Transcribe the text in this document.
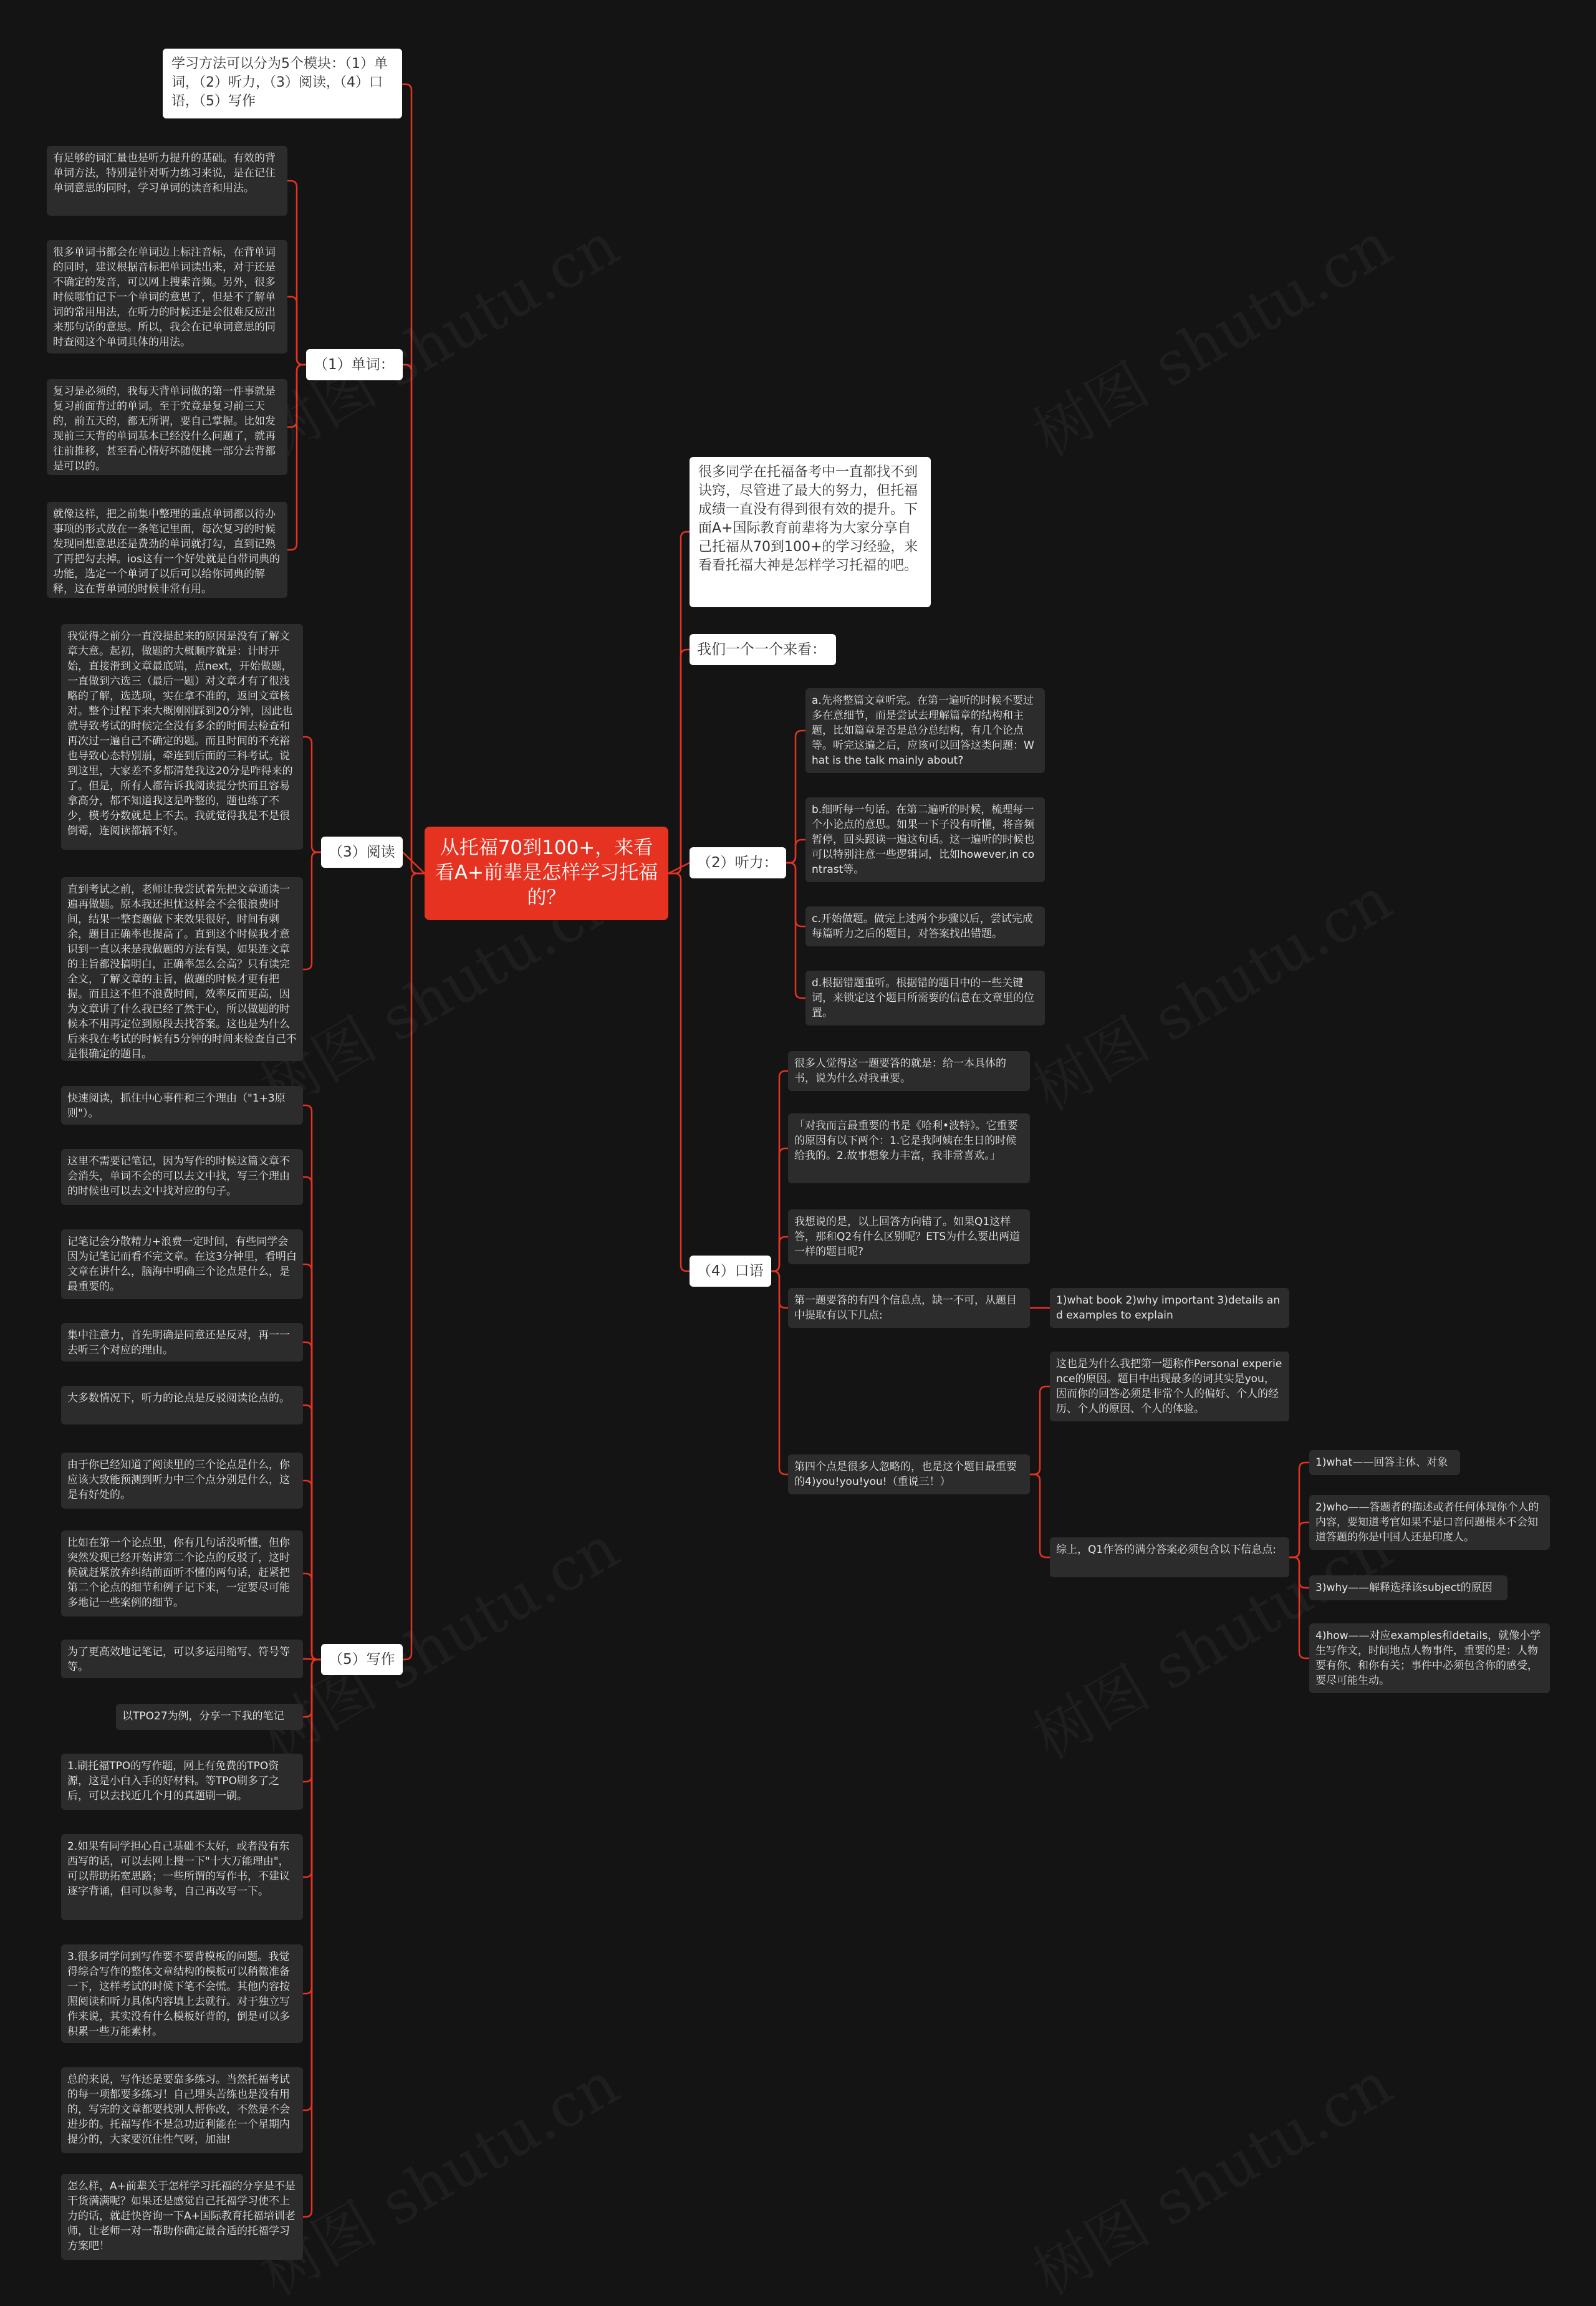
从托福70到100+，来看看A+前辈是怎样学习托福的？
学习方法可以分为5个模块：（1）单词，（2）听力，（3）阅读，（4）口语，（5）写作
（1）单词：
有足够的词汇量也是听力提升的基础。有效的背单词方法，特别是针对听力练习来说，是在记住单词意思的同时，学习单词的读音和用法。
很多单词书都会在单词边上标注音标，在背单词的同时，建议根据音标把单词读出来，对于还是不确定的发音，可以网上搜索音频。另外，很多时候哪怕记下一个单词的意思了，但是不了解单词的常用用法，在听力的时候还是会很难反应出来那句话的意思。所以，我会在记单词意思的同时查阅这个单词具体的用法。
复习是必须的，我每天背单词做的第一件事就是复习前面背过的单词。至于究竟是复习前三天的，前五天的，都无所谓，要自己掌握。比如发现前三天背的单词基本已经没什么问题了，就再往前推移，甚至看心情好坏随便挑一部分去背都是可以的。
就像这样，把之前集中整理的重点单词都以待办事项的形式放在一条笔记里面，每次复习的时候发现回想意思还是费劲的单词就打勾，直到记熟了再把勾去掉。ios这有一个好处就是自带词典的功能，选定一个单词了以后可以给你词典的解释，这在背单词的时候非常有用。
（3）阅读
我觉得之前分一直没提起来的原因是没有了解文章大意。起初，做题的大概顺序就是：计时开始，直接滑到文章最底端，点next，开始做题，一直做到六选三（最后一题）对文章才有了很浅略的了解，选选项，实在拿不准的，返回文章核对。整个过程下来大概刚刚踩到20分钟，因此也就导致考试的时候完全没有多余的时间去检查和再次过一遍自己不确定的题。而且时间的不充裕也导致心态特别崩，牵连到后面的三科考试。说到这里，大家差不多都清楚我这20分是咋得来的了。但是，所有人都告诉我阅读提分快而且容易拿高分，都不知道我这是咋整的，题也练了不少，模考分数就是上不去。我就觉得我是不是很倒霉，连阅读都搞不好。
直到考试之前，老师让我尝试着先把文章通读一遍再做题。原本我还担忧这样会不会很浪费时间，结果一整套题做下来效果很好，时间有剩余，题目正确率也提高了。直到这个时候我才意识到一直以来是我做题的方法有误，如果连文章的主旨都没搞明白，正确率怎么会高？只有读完全文，了解文章的主旨，做题的时候才更有把握。而且这不但不浪费时间，效率反而更高，因为文章讲了什么我已经了然于心，所以做题的时候本不用再定位到原段去找答案。这也是为什么后来我在考试的时候有5分钟的时间来检查自己不是很确定的题目。
（5）写作
快速阅读，抓住中心事件和三个理由（"1+3原则"）。
这里不需要记笔记，因为写作的时候这篇文章不会消失，单词不会的可以去文中找，写三个理由的时候也可以去文中找对应的句子。
记笔记会分散精力+浪费一定时间，有些同学会因为记笔记而看不完文章。在这3分钟里，看明白文章在讲什么，脑海中明确三个论点是什么，是最重要的。
集中注意力，首先明确是同意还是反对，再一一去听三个对应的理由。
大多数情况下，听力的论点是反驳阅读论点的。
由于你已经知道了阅读里的三个论点是什么，你应该大致能预测到听力中三个点分别是什么，这是有好处的。
比如在第一个论点里，你有几句话没听懂，但你突然发现已经开始讲第二个论点的反驳了，这时候就赶紧放弃纠结前面听不懂的两句话，赶紧把第二个论点的细节和例子记下来，一定要尽可能多地记一些案例的细节。
为了更高效地记笔记，可以多运用缩写、符号等等。
以TPO27为例，分享一下我的笔记
1.刷托福TPO的写作题，网上有免费的TPO资源，这是小白入手的好材料。等TPO刷多了之后，可以去找近几个月的真题刷一刷。
2.如果有同学担心自己基础不太好，或者没有东西写的话，可以去网上搜一下"十大万能理由"，可以帮助拓宽思路；一些所谓的写作书，不建议逐字背诵，但可以参考，自己再改写一下。
3.很多同学问到写作要不要背模板的问题。我觉得综合写作的整体文章结构的模板可以稍微准备一下，这样考试的时候下笔不会慌。其他内容按照阅读和听力具体内容填上去就行。对于独立写作来说，其实没有什么模板好背的，倒是可以多积累一些万能素材。
总的来说，写作还是要靠多练习。当然托福考试的每一项都要多练习！自己埋头苦练也是没有用的，写完的文章都要找别人帮你改，不然是不会进步的。托福写作不是急功近利能在一个星期内提分的，大家要沉住性气呀，加油!
怎么样，A+前辈关于怎样学习托福的分享是不是干货满满呢？如果还是感觉自己托福学习使不上力的话，就赶快咨询一下A+国际教育托福培训老师，让老师一对一帮助你确定最合适的托福学习方案吧！
很多同学在托福备考中一直都找不到诀窍，尽管进了最大的努力，但托福成绩一直没有得到很有效的提升。下面A+国际教育前辈将为大家分享自己托福从70到100+的学习经验，来看看托福大神是怎样学习托福的吧。
我们一个一个来看：
（2）听力：
a.先将整篇文章听完。在第一遍听的时候不要过多在意细节，而是尝试去理解篇章的结构和主题，比如篇章是否是总分总结构，有几个论点等。听完这遍之后，应该可以回答这类问题：What is the talk mainly about?
b.细听每一句话。在第二遍听的时候，梳理每一个小论点的意思。如果一下子没有听懂，将音频暂停，回头跟读一遍这句话。这一遍听的时候也可以特别注意一些逻辑词，比如however,in contrast等。
c.开始做题。做完上述两个步骤以后，尝试完成每篇听力之后的题目，对答案找出错题。
d.根据错题重听。根据错的题目中的一些关键词，来锁定这个题目所需要的信息在文章里的位置。
（4）口语
很多人觉得这一题要答的就是：给一本具体的书，说为什么对我重要。
「对我而言最重要的书是《哈利•波特》。它重要的原因有以下两个：1.它是我阿姨在生日的时候给我的。2.故事想象力丰富，我非常喜欢。」
我想说的是，以上回答方向错了。如果Q1这样答，那和Q2有什么区别呢？ETS为什么要出两道一样的题目呢?
第一题要答的有四个信息点，缺一不可，从题目中提取有以下几点:
第四个点是很多人忽略的，也是这个题目最重要的4)you!you!you!（重说三！）
1)what book 2)why important 3)details and examples to explain
这也是为什么我把第一题称作Personal experience的原因。题目中出现最多的词其实是you，因而你的回答必须是非常个人的偏好、个人的经历、个人的原因、个人的体验。
综上，Q1作答的满分答案必须包含以下信息点:
1)what——回答主体、对象
2)who——答题者的描述或者任何体现你个人的内容，要知道考官如果不是口音问题根本不会知道答题的你是中国人还是印度人。
3)why——解释选择该subject的原因
4)how——对应examples和details，就像小学生写作文，时间地点人物事件，重要的是：人物要有你、和你有关；事件中必须包含你的感受，要尽可能生动。
